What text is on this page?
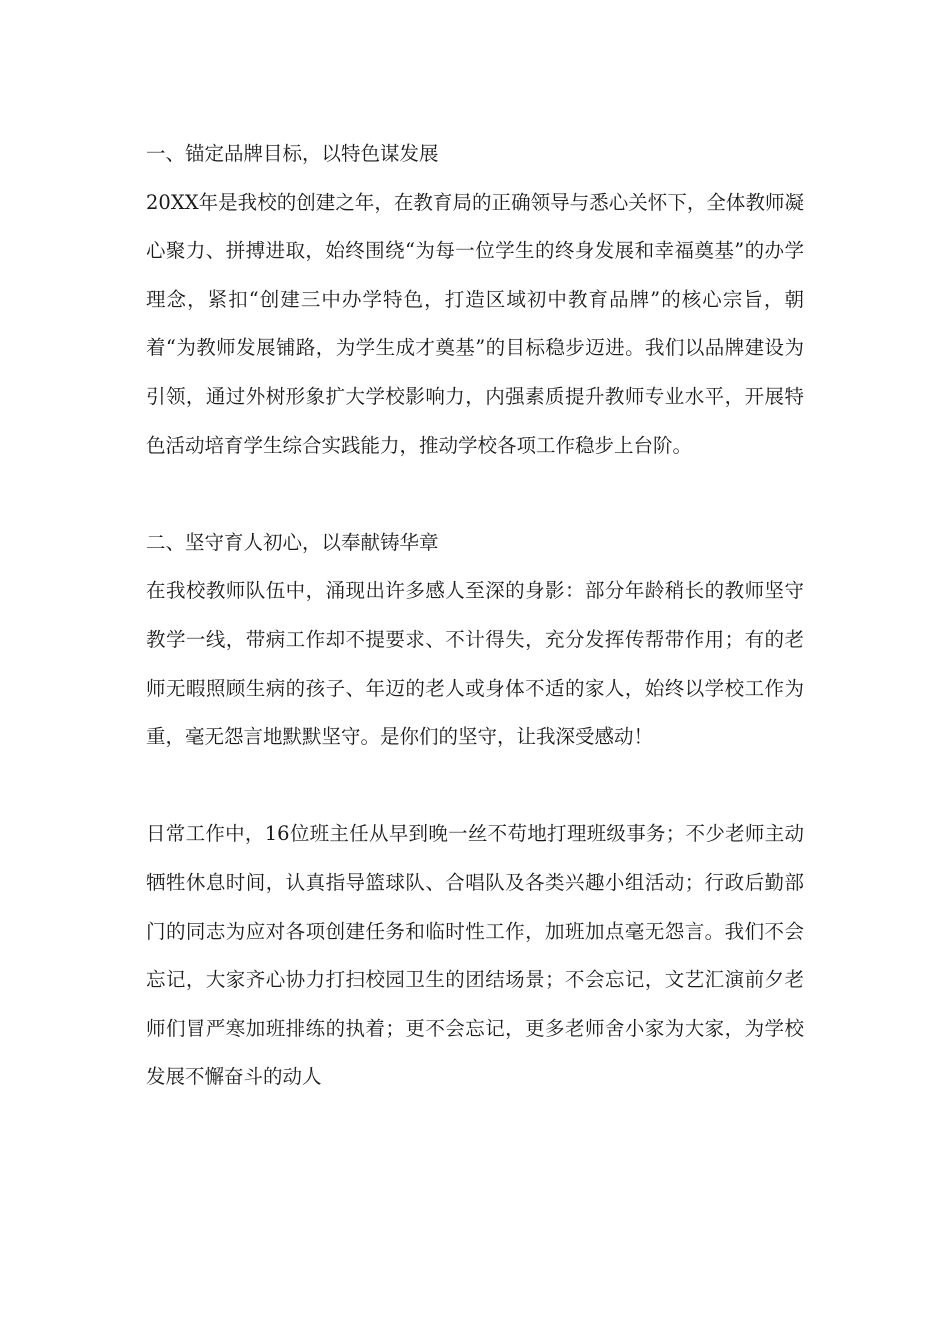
一、锚定品牌目标，以特色谋发展

20XX年是我校的创建之年，在教育局的正确领导与悉心关怀下，全体教师凝心聚力、拼搏进取，始终围绕“为每一位学生的终身发展和幸福奠基”的办学理念，紧扣“创建三中办学特色，打造区域初中教育品牌”的核心宗旨，朝着“为教师发展铺路，为学生成才奠基”的目标稳步迈进。我们以品牌建设为引领，通过外树形象扩大学校影响力，内强素质提升教师专业水平，开展特色活动培育学生综合实践能力，推动学校各项工作稳步上台阶。

二、坚守育人初心，以奉献铸华章

在我校教师队伍中，涌现出许多感人至深的身影：部分年龄稍长的教师坚守教学一线，带病工作却不提要求、不计得失，充分发挥传帮带作用；有的老师无暇照顾生病的孩子、年迈的老人或身体不适的家人，始终以学校工作为重，毫无怨言地默默坚守。是你们的坚守，让我深受感动！

日常工作中，16位班主任从早到晚一丝不苟地打理班级事务；不少老师主动牺牲休息时间，认真指导篮球队、合唱队及各类兴趣小组活动；行政后勤部门的同志为应对各项创建任务和临时性工作，加班加点毫无怨言。我们不会忘记，大家齐心协力打扫校园卫生的团结场景；不会忘记，文艺汇演前夕老师们冒严寒加班排练的执着；更不会忘记，更多老师舍小家为大家，为学校发展不懈奋斗的动人
